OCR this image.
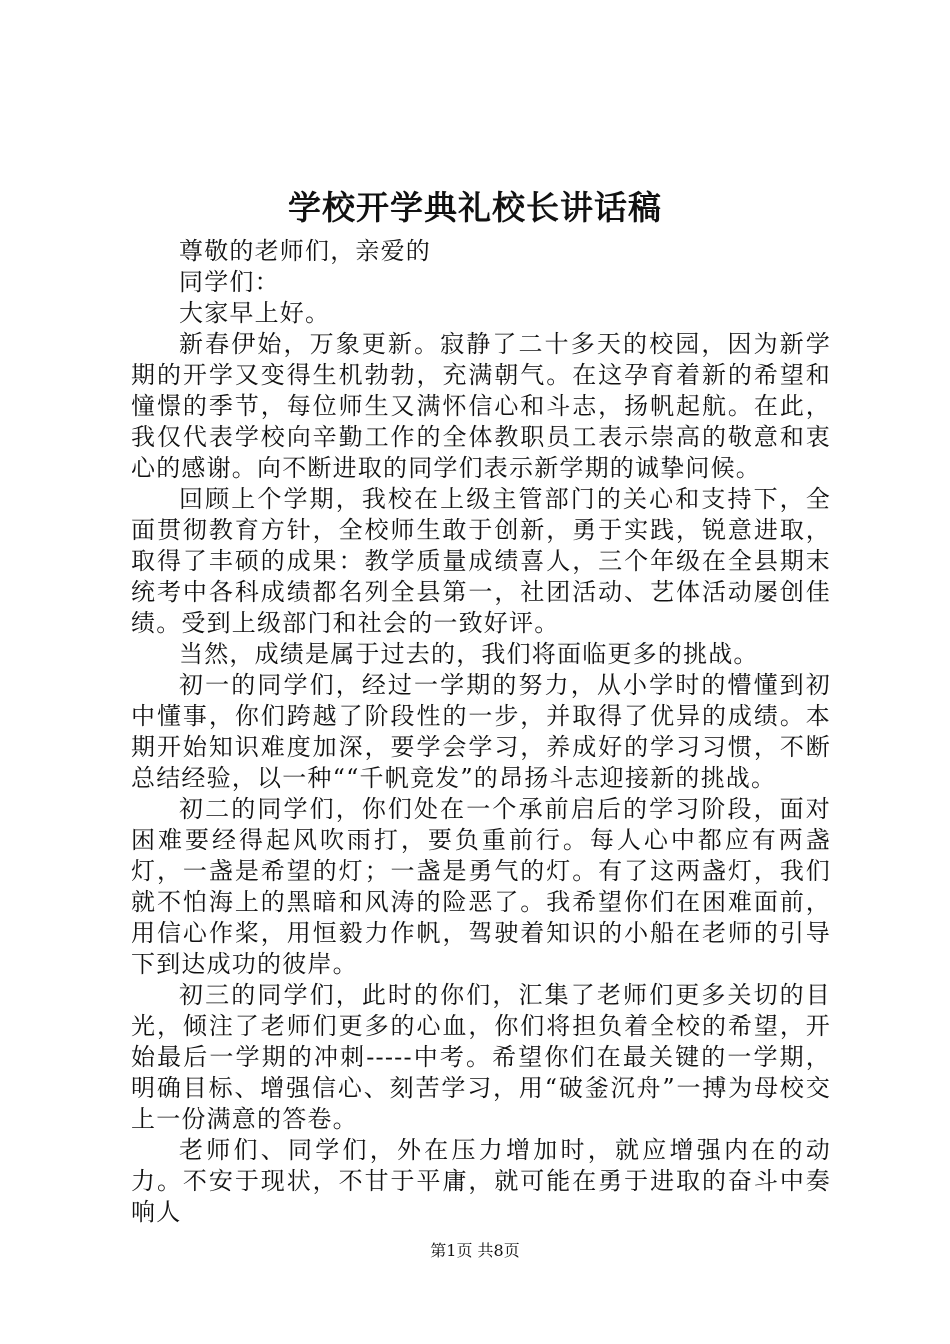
学校开学典礼校长讲话稿

尊敬的老师们，亲爱的

同学们：

大家早上好。

新春伊始，万象更新。寂静了二十多天的校园，因为新学期的开学又变得生机勃勃，充满朝气。在这孕育着新的希望和憧憬的季节，每位师生又满怀信心和斗志，扬帆起航。在此，我仅代表学校向辛勤工作的全体教职员工表示崇高的敬意和衷心的感谢。向不断进取的同学们表示新学期的诚挚问候。

回顾上个学期，我校在上级主管部门的关心和支持下，全面贯彻教育方针，全校师生敢于创新，勇于实践，锐意进取，取得了丰硕的成果：教学质量成绩喜人，三个年级在全县期末统考中各科成绩都名列全县第一，社团活动、艺体活动屡创佳绩。受到上级部门和社会的一致好评。

当然，成绩是属于过去的，我们将面临更多的挑战。

初一的同学们，经过一学期的努力，从小学时的懵懂到初中懂事，你们跨越了阶段性的一步，并取得了优异的成绩。本期开始知识难度加深，要学会学习，养成好的学习习惯，不断总结经验，以一种““千帆竞发”的昂扬斗志迎接新的挑战。

初二的同学们，你们处在一个承前启后的学习阶段，面对困难要经得起风吹雨打，要负重前行。每人心中都应有两盏灯，一盏是希望的灯；一盏是勇气的灯。有了这两盏灯，我们就不怕海上的黑暗和风涛的险恶了。我希望你们在困难面前，用信心作桨，用恒毅力作帆，驾驶着知识的小船在老师的引导下到达成功的彼岸。

初三的同学们，此时的你们，汇集了老师们更多关切的目光，倾注了老师们更多的心血，你们将担负着全校的希望，开始最后一学期的冲刺-----中考。希望你们在最关键的一学期，明确目标、增强信心、刻苦学习，用“破釜沉舟”一搏为母校交上一份满意的答卷。

老师们、同学们，外在压力增加时，就应增强内在的动力。不安于现状，不甘于平庸，就可能在勇于进取的奋斗中奏响人

第1页 共8页
